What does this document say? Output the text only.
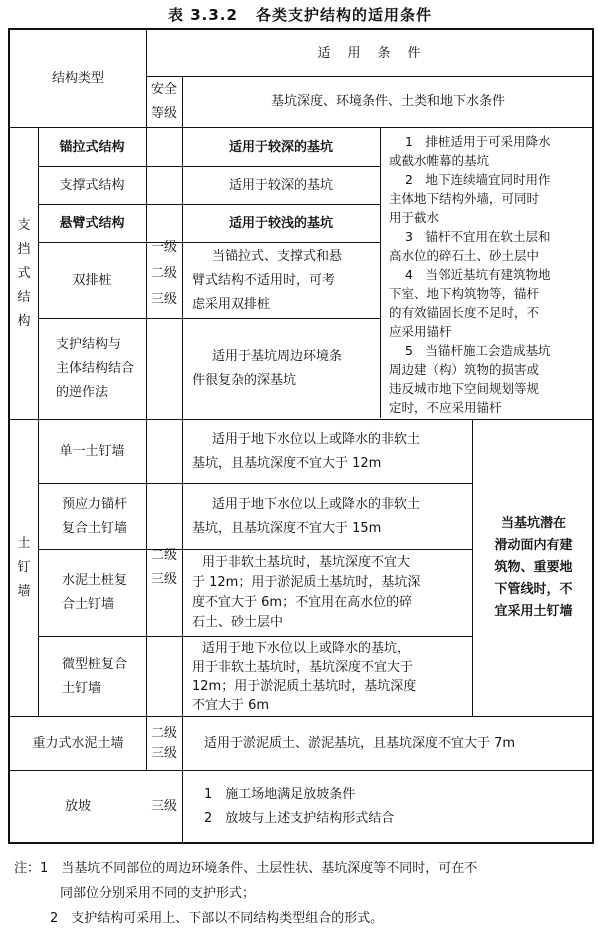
表 3.3.2 各类支护结构的适用条件
结构类型
适　用　条　件
安全
等级
基坑深度、环境条件、土类和地下水条件
支
挡
式
结
构
锚拉式结构
支撑式结构
悬臂式结构
双排桩
支护结构与
主体结构结合
的逆作法
一级
二级
三级
适用于较深的基坑
适用于较深的基坑
适用于较浅的基坑
当锚拉式、支撑式和悬
臂式结构不适用时，可考
虑采用双排桩
适用于基坑周边环境条
件很复杂的深基坑
1　排桩适用于可采用降水
或截水帷幕的基坑
2　地下连续墙宜同时用作
主体地下结构外墙，可同时
用于截水
3　锚杆不宜用在软土层和
高水位的碎石土、砂土层中
4　当邻近基坑有建筑物地
下室、地下构筑物等，锚杆
的有效锚固长度不足时，不
应采用锚杆
5　当锚杆施工会造成基坑
周边建（构）筑物的损害或
违反城市地下空间规划等规
定时，不应采用锚杆
土
钉
墙
单一土钉墙
预应力锚杆
复合土钉墙
水泥土桩复
合土钉墙
微型桩复合
土钉墙
二级
三级
适用于地下水位以上或降水的非软土
基坑，且基坑深度不宜大于 12m
适用于地下水位以上或降水的非软土
基坑，且基坑深度不宜大于 15m
用于非软土基坑时，基坑深度不宜大
于 12m；用于淤泥质土基坑时，基坑深
度不宜大于 6m；不宜用在高水位的碎
石土、砂土层中
适用于地下水位以上或降水的基坑，
用于非软土基坑时，基坑深度不宜大于
12m；用于淤泥质土基坑时，基坑深度
不宜大于 6m
当基坑潜在
滑动面内有建
筑物、重要地
下管线时，不
宜采用土钉墙
重力式水泥土墙
二级
三级
适用于淤泥质土、淤泥基坑，且基坑深度不宜大于 7m
放坡	三级
1　施工场地满足放坡条件
2　放坡与上述支护结构形式结合
注：1　 当基坑不同部位的周边环境条件、土层性状、基坑深度等不同时，可在不
同部位分别采用不同的支护形式；
2　支护结构可采用上、下部以不同结构类型组合的形式。
